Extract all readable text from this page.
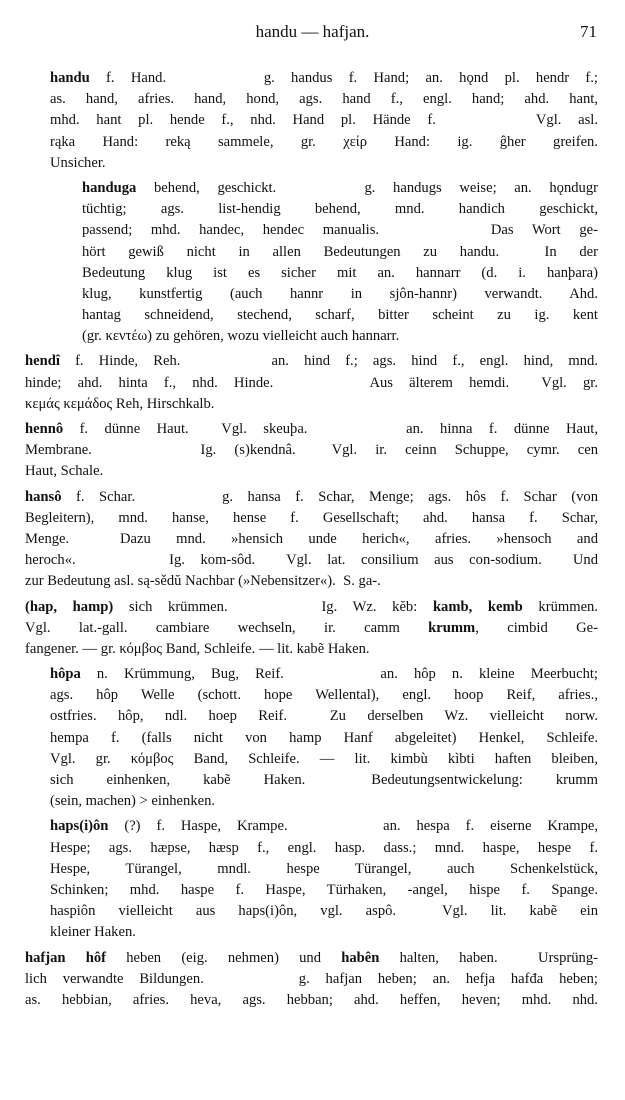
handu — hafjan.	71
handu f. Hand.      g. handus f. Hand; an. hǫnd pl. hendr f.;
as. hand, afries. hand, hond, ags. hand f., engl. hand; ahd. hant,
mhd. hant pl. hende f., nhd. Hand pl. Hände f.      Vgl. asl.
rąka Hand: reką sammele, gr. χείρ Hand: ig. ĝher greifen.
Unsicher.
handuga behend, geschickt.     g. handugs weise; an. hǫndugr
tüchtig; ags. list-hendig behend, mnd. handich geschickt,
passend; mhd. handec, hendec manualis.      Das Wort ge-
hört gewiß nicht in allen Bedeutungen zu handu.  In der
Bedeutung klug ist es sicher mit an. hannarr (d. i. hanþara)
klug, kunstfertig (auch hannr in sjôn-hannr) verwandt. Ahd.
hantag schneidend, stechend, scharf, bitter scheint zu ig. kent
(gr. κεντέω) zu gehören, wozu vielleicht auch hannarr.
hendî f. Hinde, Reh.      an. hind f.; ags. hind f., engl. hind, mnd.
hinde; ahd. hinta f., nhd. Hinde.      Aus älterem hemdi.  Vgl. gr.
κεμάς κεμάδος Reh, Hirschkalb.
hennô f. dünne Haut.  Vgl. skeuþa.      an. hinna f. dünne Haut,
Membrane.      Ig. (s)kendnâ.  Vgl. ir. ceinn Schuppe, cymr. cen
Haut, Schale.
hansô f. Schar.      g. hansa f. Schar, Menge; ags. hôs f. Schar (von
Begleitern), mnd. hanse, hense f. Gesellschaft; ahd. hansa f. Schar,
Menge.  Dazu mnd. »hensich unde herich«, afries. »hensoch and
heroch«.      Ig. kom-sôd.  Vgl. lat. consilium aus con-sodium.  Und
zur Bedeutung asl. są-sědŭ Nachbar (»Nebensitzer«).  S. ga-.
(hap, hamp) sich krümmen.      Ig. Wz. kĕb: kamb, kemb krümmen.
Vgl. lat.-gall. cambiare wechseln, ir. camm krumm, cimbid Ge-
fangener. — gr. κόμβος Band, Schleife. — lit. kabẽ Haken.
hôpa n. Krümmung, Bug, Reif.      an. hôp n. kleine Meerbucht;
ags. hôp Welle (schott. hope Wellental), engl. hoop Reif, afries.,
ostfries. hôp, ndl. hoep Reif.  Zu derselben Wz. vielleicht norw.
hempa f. (falls nicht von hamp Hanf abgeleitet) Henkel, Schleife.
Vgl. gr. κόμβος Band, Schleife. — lit. kimbù kìbti haften bleiben,
sich einhenken, kabẽ Haken.  Bedeutungsentwickelung: krumm
(sein, machen) > einhenken.
haps(i)ôn (?) f. Haspe, Krampe.      an. hespa f. eiserne Krampe,
Hespe; ags. hæpse, hæsp f., engl. hasp. dass.; mnd. haspe, hespe f.
Hespe, Türangel, mndl. hespe Türangel, auch Schenkelstück,
Schinken; mhd. haspe f. Haspe, Türhaken, -angel, hispe f. Spange.
haspiôn vielleicht aus haps(i)ôn, vgl. aspô.  Vgl. lit. kabẽ ein
kleiner Haken.
hafjan hôf heben (eig. nehmen) und habên halten, haben.  Ursprüng-
lich verwandte Bildungen.      g. hafjan heben; an. hefja hafđa heben;
as. hebbian, afries. heva, ags. hebban; ahd. heffen, heven; mhd. nhd.
